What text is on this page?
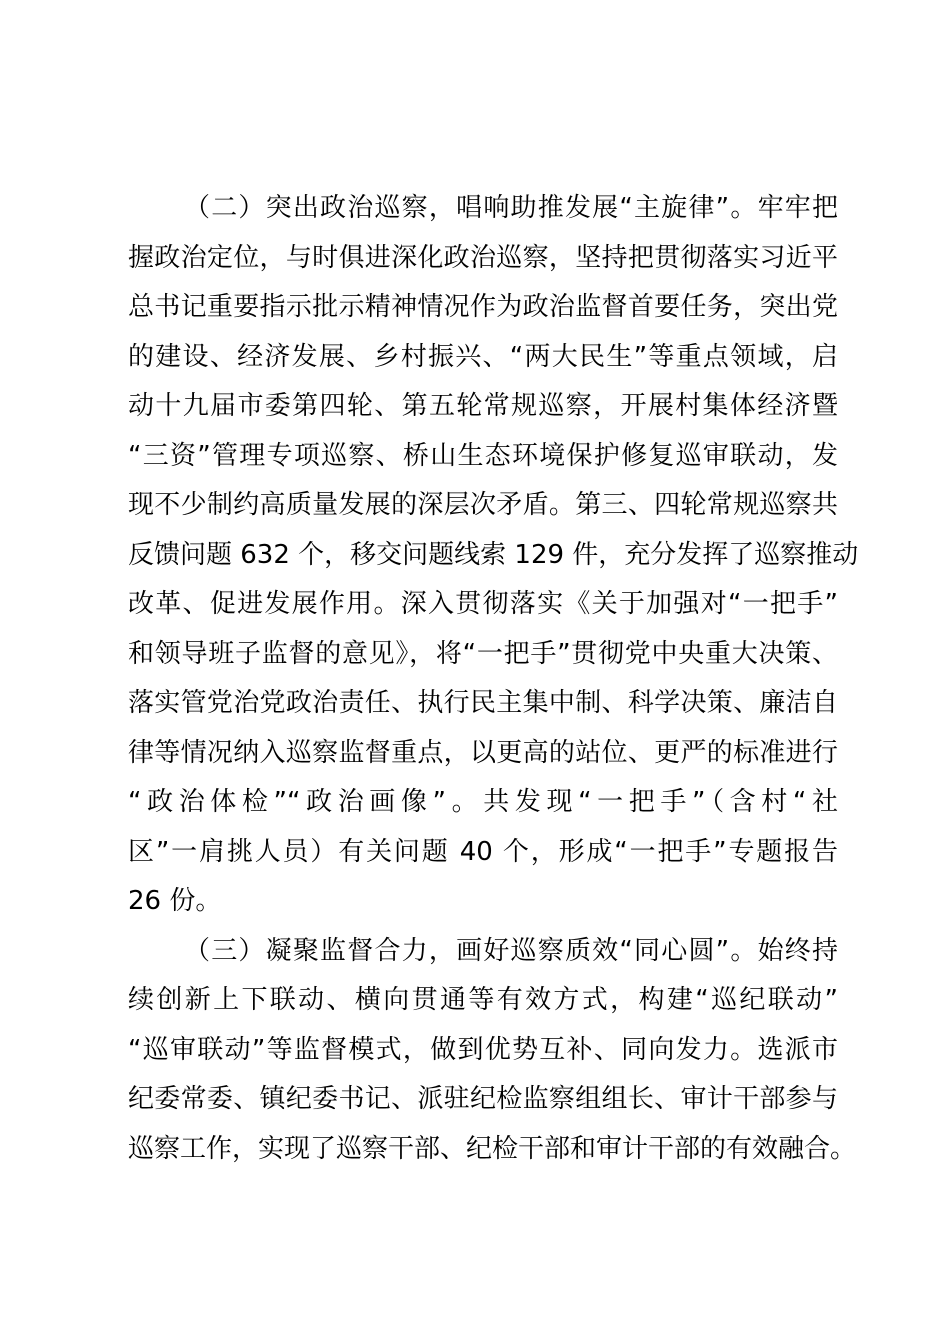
（二）突出政治巡察，唱响助推发展“主旋律”。牢牢把
握政治定位，与时俱进深化政治巡察，坚持把贯彻落实习近平
总书记重要指示批示精神情况作为政治监督首要任务，突出党
的建设、经济发展、乡村振兴、“两大民生”等重点领域，启
动十九届市委第四轮、第五轮常规巡察，开展村集体经济暨
“三资”管理专项巡察、桥山生态环境保护修复巡审联动，发
现不少制约高质量发展的深层次矛盾。第三、四轮常规巡察共
反馈问题 632 个，移交问题线索 129 件，充分发挥了巡察推动
改革、促进发展作用。深入贯彻落实《关于加强对“一把手”
和领导班子监督的意见》，将“一把手”贯彻党中央重大决策、
落实管党治党政治责任、执行民主集中制、科学决策、廉洁自
律等情况纳入巡察监督重点，以更高的站位、更严的标准进行
“政治体检”“政治画像”。共发现“一把手”（含村“社
区”一肩挑人员）有关问题 40 个，形成“一把手”专题报告
26 份。
（三）凝聚监督合力，画好巡察质效“同心圆”。始终持
续创新上下联动、横向贯通等有效方式，构建“巡纪联动”
“巡审联动”等监督模式，做到优势互补、同向发力。选派市
纪委常委、镇纪委书记、派驻纪检监察组组长、审计干部参与
巡察工作，实现了巡察干部、纪检干部和审计干部的有效融合。
